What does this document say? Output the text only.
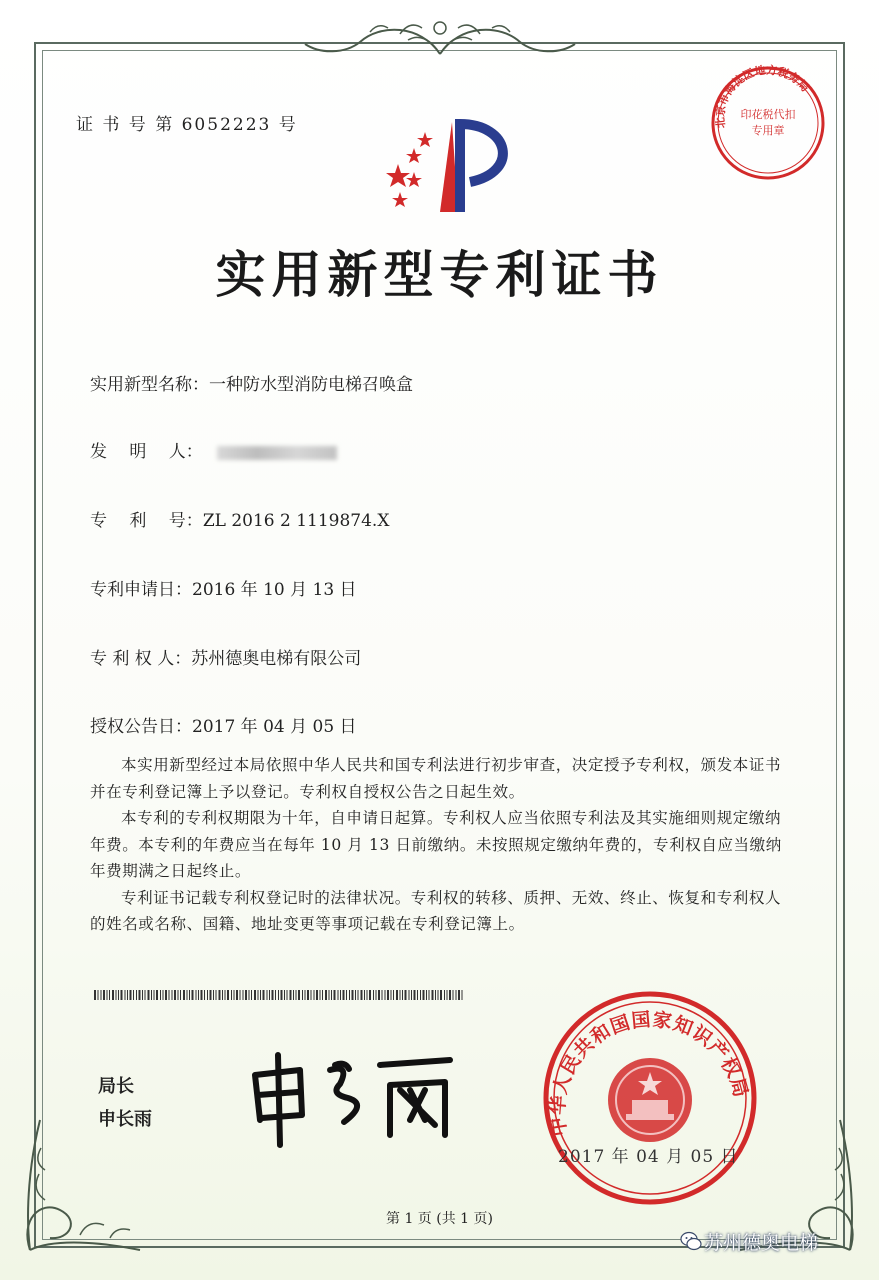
证 书 号 第 6052223 号	北京市海淀区地方税务局
印花税代扣专用章
实用新型专利证书
实用新型名称：一种防水型消防电梯召唤盒
发　 明　 人：
专　 利　 号：ZL 2016 2 1119874.X
专利申请日：2016 年 10 月 13 日
专 利 权 人：苏州德奥电梯有限公司
授权公告日：2017 年 04 月 05 日

本实用新型经过本局依照中华人民共和国专利法进行初步审查，决定授予专利权，颁发本证书并在专利登记簿上予以登记。专利权自授权公告之日起生效。

本专利的专利权期限为十年，自申请日起算。专利权人应当依照专利法及其实施细则规定缴纳年费。本专利的年费应当在每年 10 月 13 日前缴纳。未按照规定缴纳年费的，专利权自应当缴纳年费期满之日起终止。

专利证书记载专利权登记时的法律状况。专利权的转移、质押、无效、终止、恢复和专利权人的姓名或名称、国籍、地址变更等事项记载在专利登记簿上。

局长
申长雨	中华人民共和国国家知识产权局
2017 年 04 月 05 日
第 1 页 (共 1 页)
苏州德奥电梯
